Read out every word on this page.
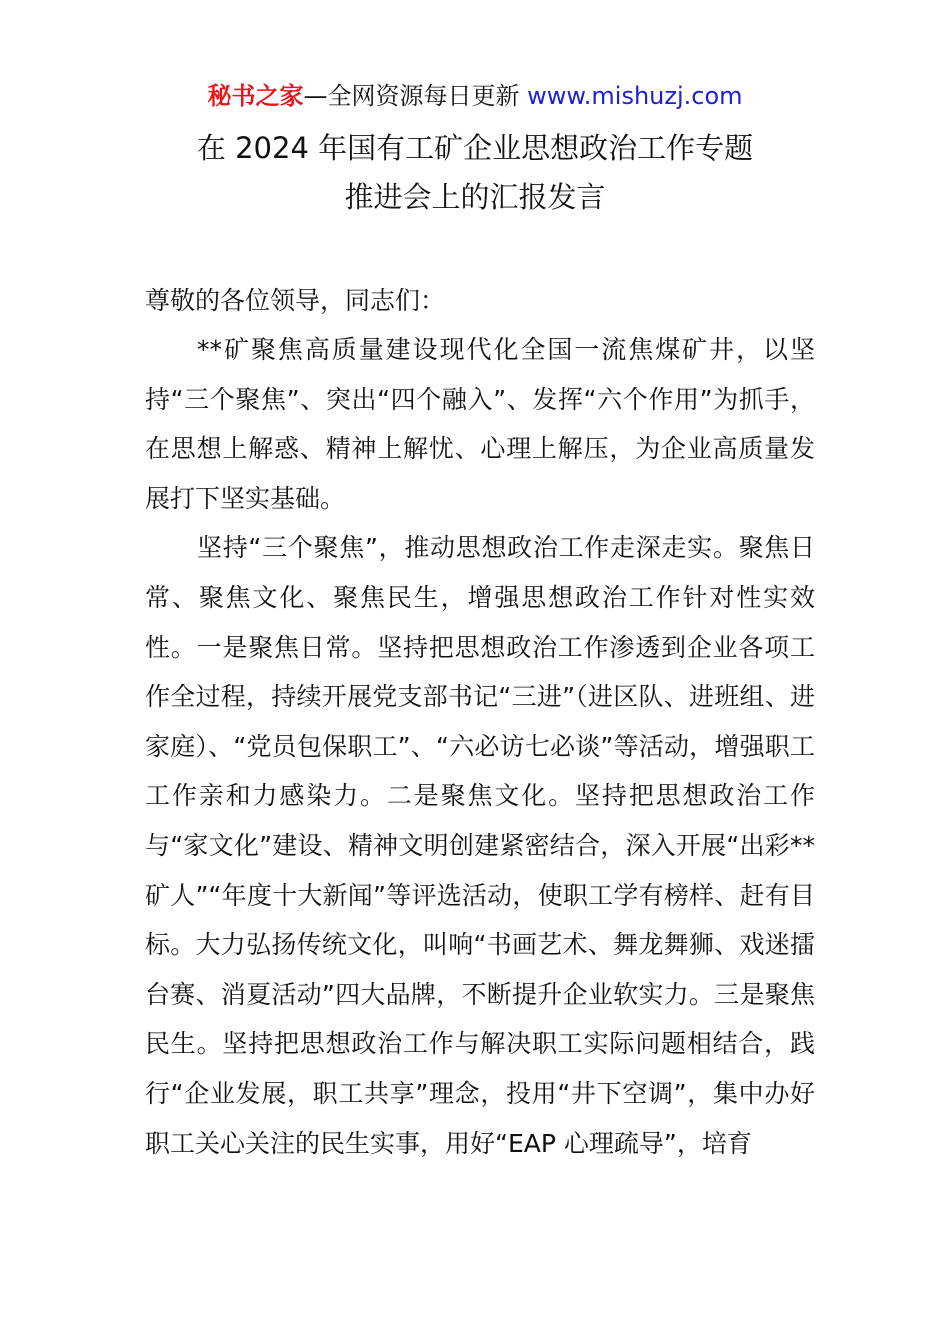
秘书之家—全网资源每日更新 www.mishuzj.com
在 2024 年国有工矿企业思想政治工作专题
推进会上的汇报发言
尊敬的各位领导，同志们：

**矿聚焦高质量建设现代化全国一流焦煤矿井，以坚持“三个聚焦”、突出“四个融入”、发挥“六个作用”为抓手，在思想上解惑、精神上解忧、心理上解压，为企业高质量发展打下坚实基础。

坚持“三个聚焦”，推动思想政治工作走深走实。聚焦日常、聚焦文化、聚焦民生，增强思想政治工作针对性实效性。一是聚焦日常。坚持把思想政治工作渗透到企业各项工作全过程，持续开展党支部书记“三进”（进区队、进班组、进家庭）、“党员包保职工”、“六必访七必谈”等活动，增强职工工作亲和力感染力。二是聚焦文化。坚持把思想政治工作与“家文化”建设、精神文明创建紧密结合，深入开展“出彩**矿人”“年度十大新闻”等评选活动，使职工学有榜样、赶有目标。大力弘扬传统文化，叫响“书画艺术、舞龙舞狮、戏迷擂台赛、消夏活动”四大品牌，不断提升企业软实力。三是聚焦民生。坚持把思想政治工作与解决职工实际问题相结合，践行“企业发展，职工共享”理念，投用“井下空调”，集中办好职工关心关注的民生实事，用好“EAP 心理疏导”，培育
